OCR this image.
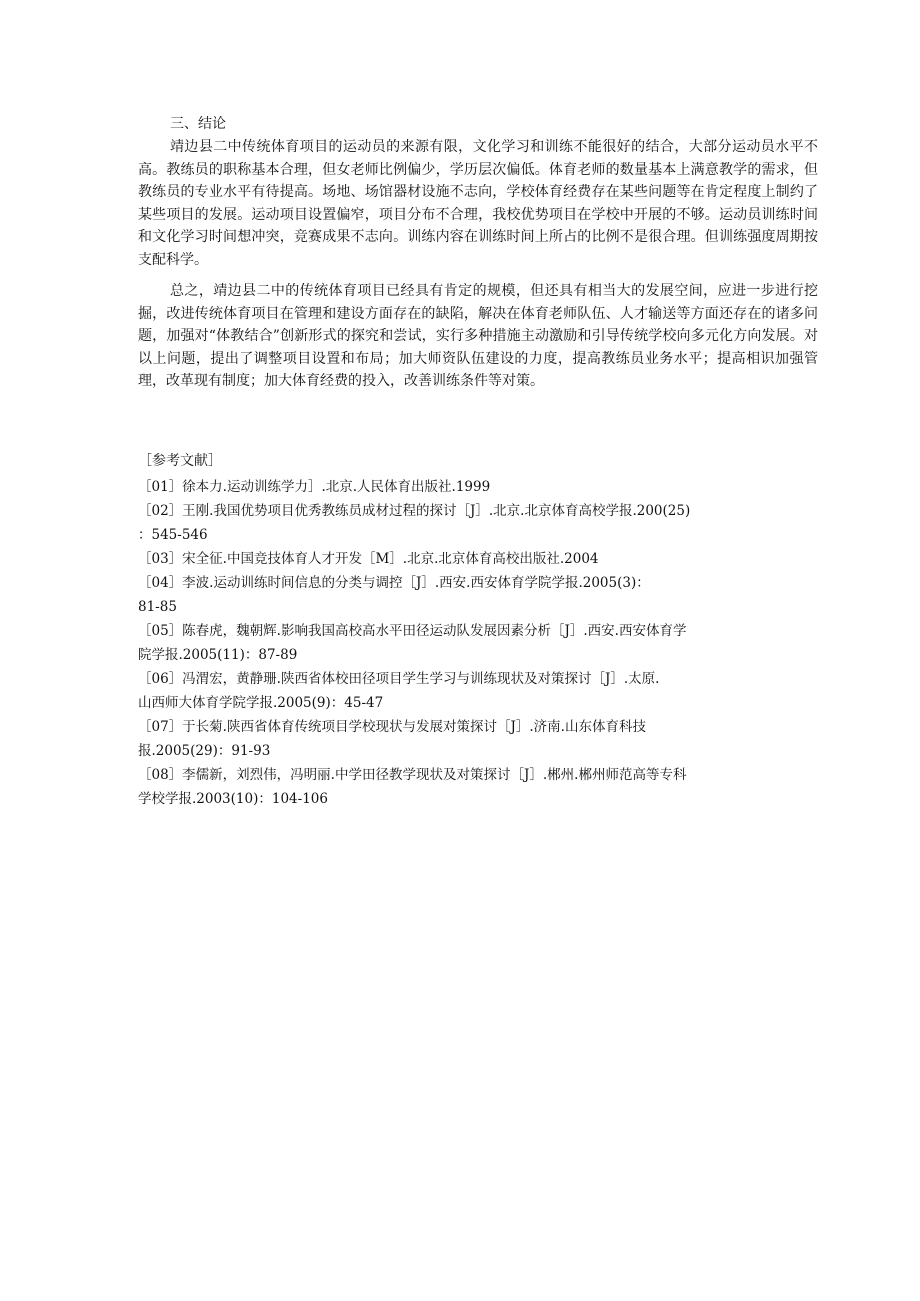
三、结论

靖边县二中传统体育项目的运动员的来源有限，文化学习和训练不能很好的结合，大部分运动员水平不高。教练员的职称基本合理，但女老师比例偏少，学历层次偏低。体育老师的数量基本上满意教学的需求，但教练员的专业水平有待提高。场地、场馆器材设施不志向，学校体育经费存在某些问题等在肯定程度上制约了某些项目的发展。运动项目设置偏窄，项目分布不合理，我校优势项目在学校中开展的不够。运动员训练时间和文化学习时间想冲突，竞赛成果不志向。训练内容在训练时间上所占的比例不是很合理。但训练强度周期按支配科学。

总之，靖边县二中的传统体育项目已经具有肯定的规模，但还具有相当大的发展空间，应进一步进行挖掘，改进传统体育项目在管理和建设方面存在的缺陷，解决在体育老师队伍、人才输送等方面还存在的诸多问题，加强对“体教结合”创新形式的探究和尝试，实行多种措施主动激励和引导传统学校向多元化方向发展。对以上问题，提出了调整项目设置和布局；加大师资队伍建设的力度，提高教练员业务水平；提高相识加强管理，改革现有制度；加大体育经费的投入，改善训练条件等对策。

［参考文献］
［01］徐本力.运动训练学力］.北京.人民体育出版社.1999
［02］王刚.我国优势项目优秀教练员成材过程的探讨［J］.北京.北京体育高校学报.200(25)
：545-546
［03］宋全征.中国竞技体育人才开发［M］.北京.北京体育高校出版社.2004
［04］李波.运动训练时间信息的分类与调控［J］.西安.西安体育学院学报.2005(3)：
81-85
［05］陈春虎，魏朝辉.影响我国高校高水平田径运动队发展因素分析［J］.西安.西安体育学
院学报.2005(11)：87-89
［06］冯渭宏，黄静珊.陕西省体校田径项目学生学习与训练现状及对策探讨［J］.太原.
山西师大体育学院学报.2005(9)：45-47
［07］于长菊.陕西省体育传统项目学校现状与发展对策探讨［J］.济南.山东体育科技
报.2005(29)：91-93
［08］李儒新，刘烈伟，冯明丽.中学田径教学现状及对策探讨［J］.郴州.郴州师范高等专科
学校学报.2003(10)：104-106
